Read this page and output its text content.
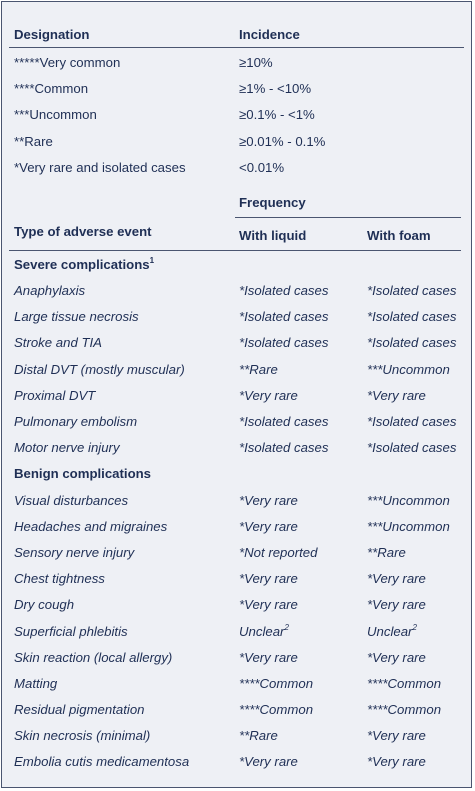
Designation	Incidence
*****Very common	≥10%
****Common	≥1% - <10%
***Uncommon	≥0.1% - <1%
**Rare	≥0.01% - 0.1%
*Very rare and isolated cases	<0.01%
Frequency
Type of adverse event	With liquid	With foam
Severe complications$^1$
Anaphylaxis	*Isolated cases	*Isolated cases
Large tissue necrosis	*Isolated cases	*Isolated cases
Stroke and TIA	*Isolated cases	*Isolated cases
Distal DVT (mostly muscular)	**Rare	***Uncommon
Proximal DVT	*Very rare	*Very rare
Pulmonary embolism	*Isolated cases	*Isolated cases
Motor nerve injury	*Isolated cases	*Isolated cases
Benign complications
Visual disturbances	*Very rare	***Uncommon
Headaches and migraines	*Very rare	***Uncommon
Sensory nerve injury	*Not reported	**Rare
Chest tightness	*Very rare	*Very rare
Dry cough	*Very rare	*Very rare
Superficial phlebitis	Unclear$^2$	Unclear$^2$
Skin reaction (local allergy)	*Very rare	*Very rare
Matting	****Common	****Common
Residual pigmentation	****Common	****Common
Skin necrosis (minimal)	**Rare	*Very rare
Embolia cutis medicamentosa	*Very rare	*Very rare
